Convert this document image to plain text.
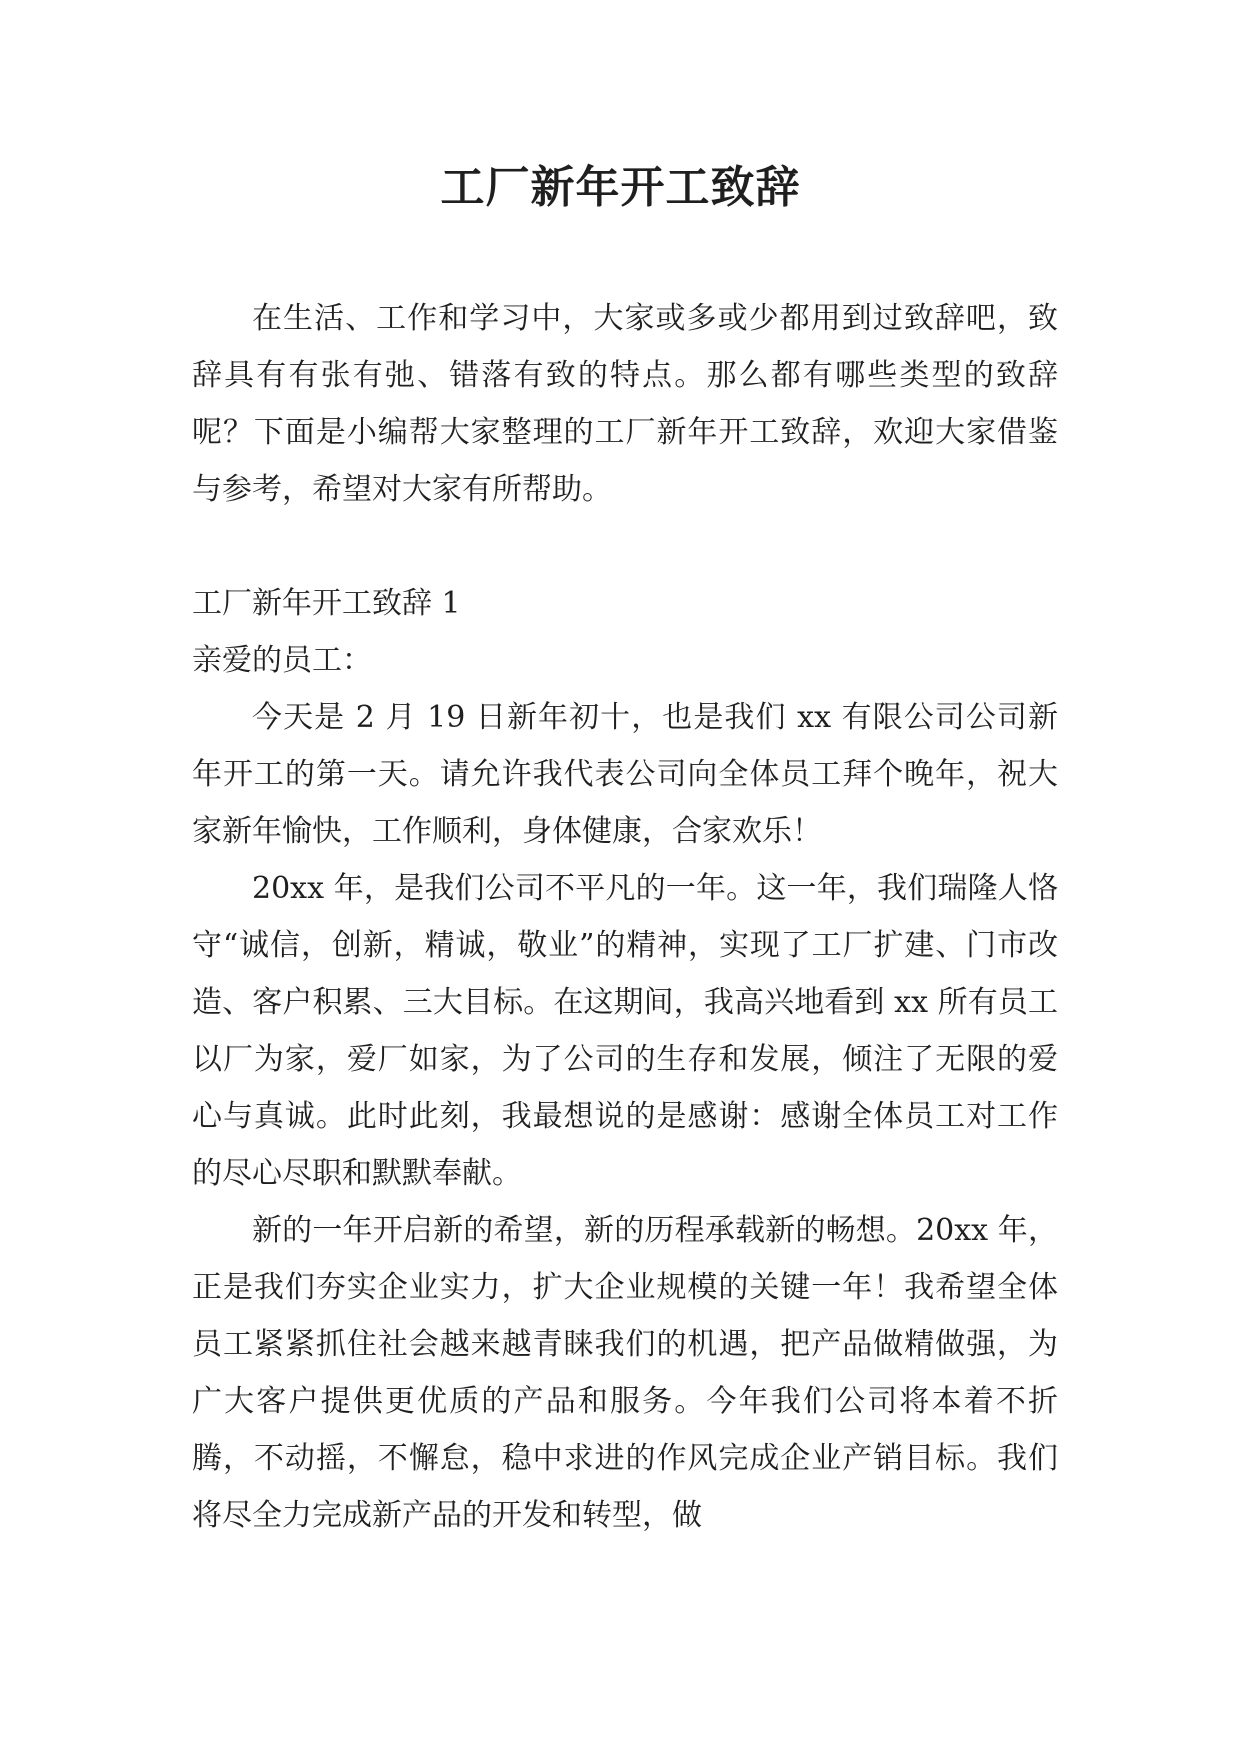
工厂新年开工致辞

在生活、工作和学习中，大家或多或少都用到过致辞吧，致辞具有有张有弛、错落有致的特点。那么都有哪些类型的致辞呢？下面是小编帮大家整理的工厂新年开工致辞，欢迎大家借鉴与参考，希望对大家有所帮助。

工厂新年开工致辞 1

亲爱的员工：

今天是 2 月 19 日新年初十，也是我们 xx 有限公司公司新年开工的第一天。请允许我代表公司向全体员工拜个晚年，祝大家新年愉快，工作顺利，身体健康，合家欢乐！

20xx 年，是我们公司不平凡的一年。这一年，我们瑞隆人恪守“诚信，创新，精诚，敬业”的精神，实现了工厂扩建、门市改造、客户积累、三大目标。在这期间，我高兴地看到 xx 所有员工以厂为家，爱厂如家，为了公司的生存和发展，倾注了无限的爱心与真诚。此时此刻，我最想说的是感谢：感谢全体员工对工作的尽心尽职和默默奉献。

新的一年开启新的希望，新的历程承载新的畅想。20xx 年，正是我们夯实企业实力，扩大企业规模的关键一年！我希望全体员工紧紧抓住社会越来越青睐我们的机遇，把产品做精做强，为广大客户提供更优质的产品和服务。今年我们公司将本着不折腾，不动摇，不懈怠，稳中求进的作风完成企业产销目标。我们将尽全力完成新产品的开发和转型，做
